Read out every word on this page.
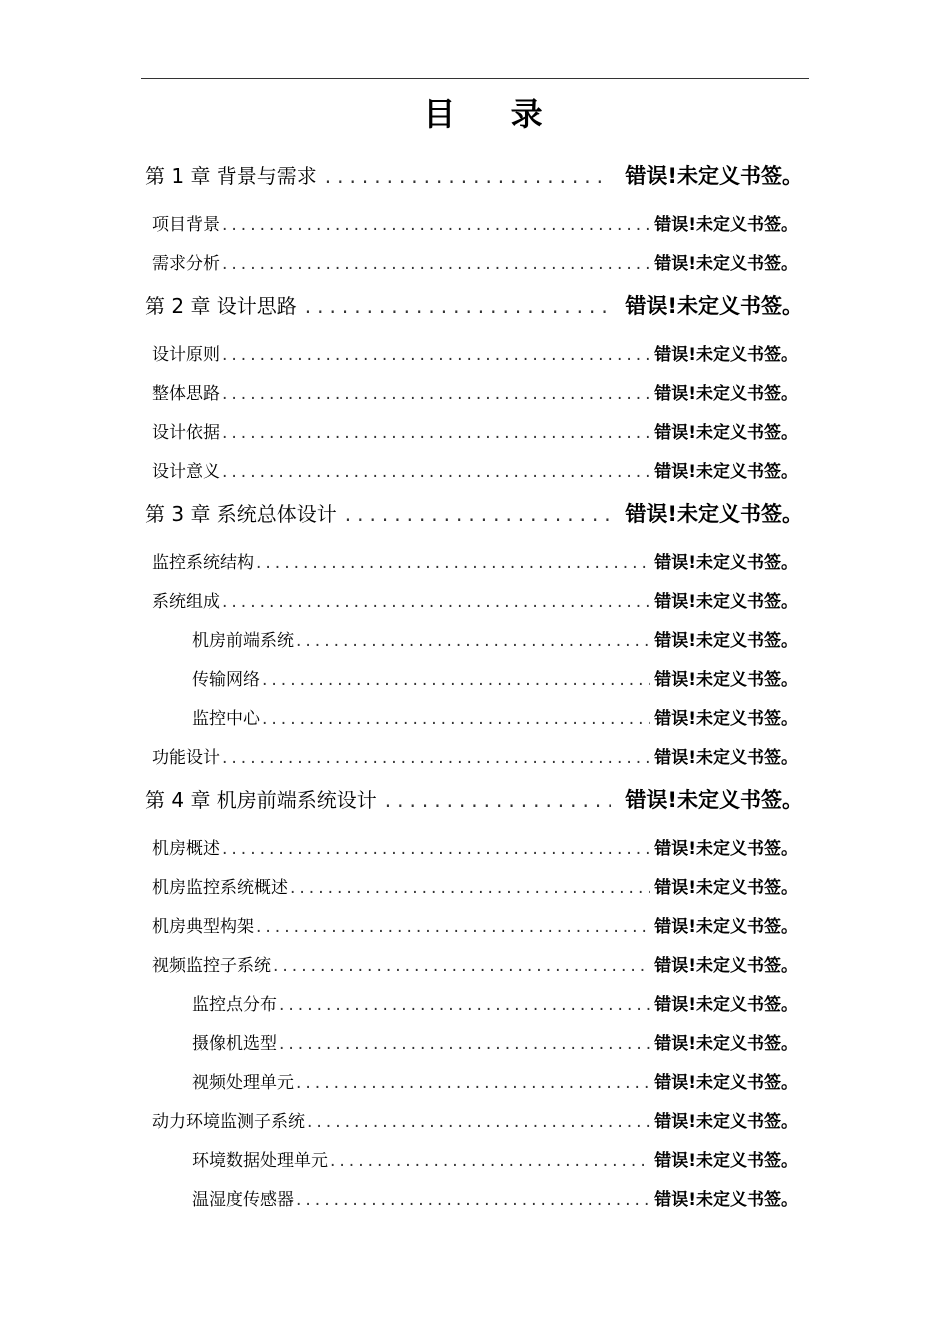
目 录
第 1 章 背景与需求 .....	错误!未定义书签。
项目背景 .....	错误!未定义书签。
需求分析 .....	错误!未定义书签。
第 2 章 设计思路 .....	错误!未定义书签。
设计原则 .....	错误!未定义书签。
整体思路 .....	错误!未定义书签。
设计依据 .....	错误!未定义书签。
设计意义 .....	错误!未定义书签。
第 3 章 系统总体设计 .....	错误!未定义书签。
监控系统结构 .....	错误!未定义书签。
系统组成 .....	错误!未定义书签。
机房前端系统 .....	错误!未定义书签。
传输网络 .....	错误!未定义书签。
监控中心 .....	错误!未定义书签。
功能设计 .....	错误!未定义书签。
第 4 章 机房前端系统设计 .....	错误!未定义书签。
机房概述 .....	错误!未定义书签。
机房监控系统概述 .....	错误!未定义书签。
机房典型构架 .....	错误!未定义书签。
视频监控子系统 .....	错误!未定义书签。
监控点分布 .....	错误!未定义书签。
摄像机选型 .....	错误!未定义书签。
视频处理单元 .....	错误!未定义书签。
动力环境监测子系统 .....	错误!未定义书签。
环境数据处理单元 .....	错误!未定义书签。
温湿度传感器 .....	错误!未定义书签。
